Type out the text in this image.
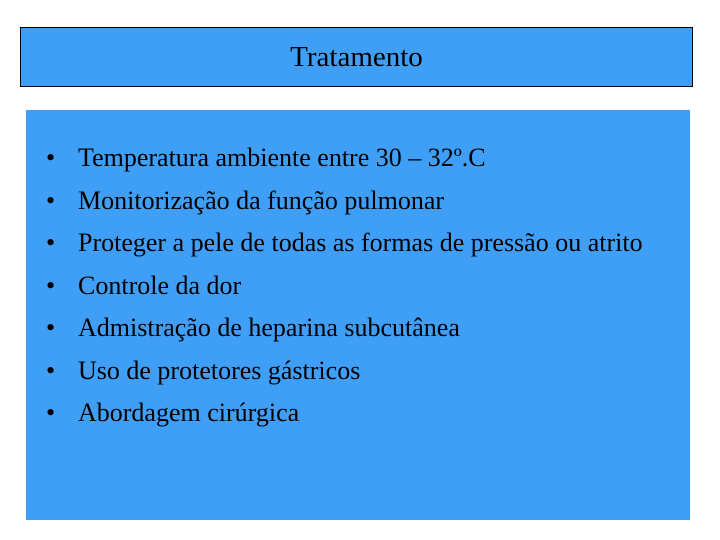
Tratamento
• Temperatura ambiente entre 30 – 32º.C
• Monitorização da função pulmonar
• Proteger a pele de todas as formas de pressão ou atrito
• Controle da dor
• Admistração de heparina subcutânea
• Uso de protetores gástricos
• Abordagem cirúrgica
